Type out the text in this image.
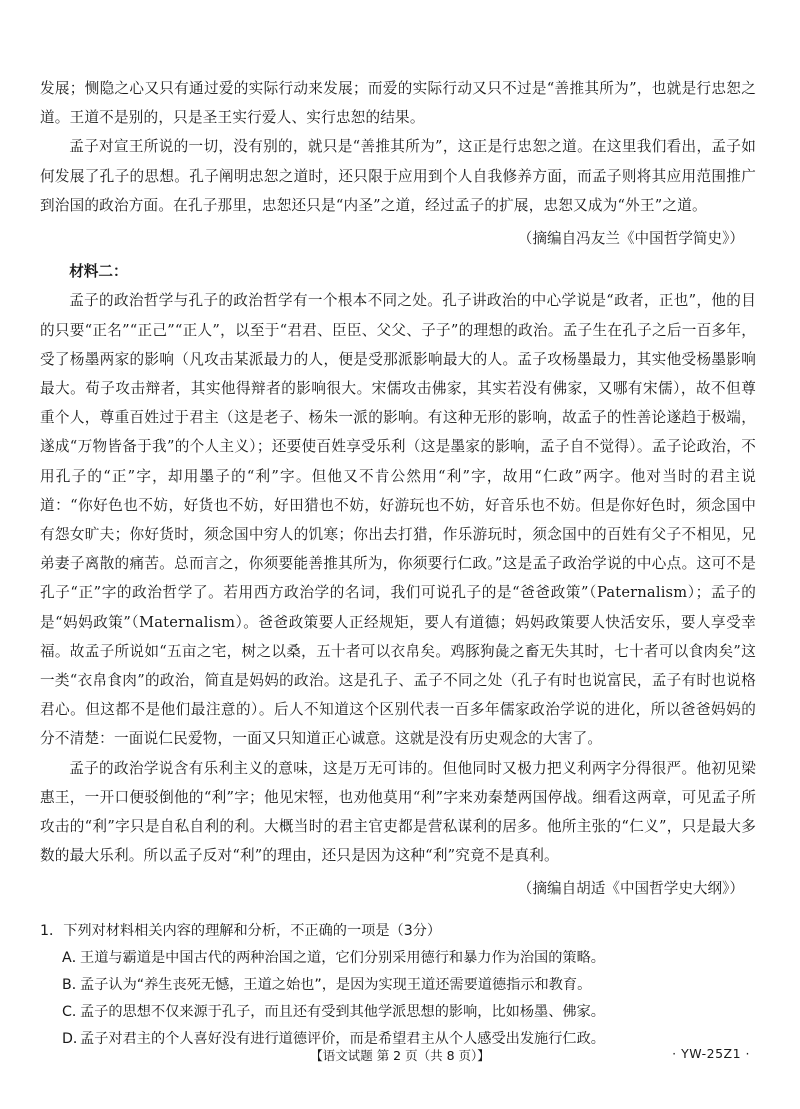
发展；恻隐之心又只有通过爱的实际行动来发展；而爱的实际行动又只不过是“善推其所为”，也就是行忠恕之道。王道不是别的，只是圣王实行爱人、实行忠恕的结果。

孟子对宣王所说的一切，没有别的，就只是“善推其所为”，这正是行忠恕之道。在这里我们看出，孟子如何发展了孔子的思想。孔子阐明忠恕之道时，还只限于应用到个人自我修养方面，而孟子则将其应用范围推广到治国的政治方面。在孔子那里，忠恕还只是“内圣”之道，经过孟子的扩展，忠恕又成为“外王”之道。

（摘编自冯友兰《中国哲学简史》）

材料二：

孟子的政治哲学与孔子的政治哲学有一个根本不同之处。孔子讲政治的中心学说是“政者，正也”，他的目的只要“正名”“正己”“正人”，以至于“君君、臣臣、父父、子子”的理想的政治。孟子生在孔子之后一百多年，受了杨墨两家的影响（凡攻击某派最力的人，便是受那派影响最大的人。孟子攻杨墨最力，其实他受杨墨影响最大。荀子攻击辩者，其实他得辩者的影响很大。宋儒攻击佛家，其实若没有佛家，又哪有宋儒），故不但尊重个人，尊重百姓过于君主（这是老子、杨朱一派的影响。有这种无形的影响，故孟子的性善论遂趋于极端，遂成“万物皆备于我”的个人主义）；还要使百姓享受乐利（这是墨家的影响，孟子自不觉得）。孟子论政治，不用孔子的“正”字，却用墨子的“利”字。但他又不肯公然用“利”字，故用“仁政”两字。他对当时的君主说道：“你好色也不妨，好货也不妨，好田猎也不妨，好游玩也不妨，好音乐也不妨。但是你好色时，须念国中有怨女旷夫；你好货时，须念国中穷人的饥寒；你出去打猎，作乐游玩时，须念国中的百姓有父子不相见，兄弟妻子离散的痛苦。总而言之，你须要能善推其所为，你须要行仁政。”这是孟子政治学说的中心点。这可不是孔子“正”字的政治哲学了。若用西方政治学的名词，我们可说孔子的是“爸爸政策”（Paternalism）；孟子的是“妈妈政策”（Maternalism）。爸爸政策要人正经规矩，要人有道德；妈妈政策要人快活安乐，要人享受幸福。故孟子所说如“五亩之宅，树之以桑，五十者可以衣帛矣。鸡豚狗彘之畜无失其时，七十者可以食肉矣”这一类“衣帛食肉”的政治，简直是妈妈的政治。这是孔子、孟子不同之处（孔子有时也说富民，孟子有时也说格君心。但这都不是他们最注意的）。后人不知道这个区别代表一百多年儒家政治学说的进化，所以爸爸妈妈的分不清楚：一面说仁民爱物，一面又只知道正心诚意。这就是没有历史观念的大害了。

孟子的政治学说含有乐利主义的意味，这是万无可讳的。但他同时又极力把义利两字分得很严。他初见梁惠王，一开口便驳倒他的“利”字；他见宋牼，也劝他莫用“利”字来劝秦楚两国停战。细看这两章，可见孟子所攻击的“利”字只是自私自利的利。大概当时的君主官吏都是营私谋利的居多。他所主张的“仁义”，只是最大多数的最大乐利。所以孟子反对“利”的理由，还只是因为这种“利”究竟不是真利。

（摘编自胡适《中国哲学史大纲》）

1．下列对材料相关内容的理解和分析，不正确的一项是（3分）

A．王道与霸道是中国古代的两种治国之道，它们分别采用德行和暴力作为治国的策略。

B．孟子认为“养生丧死无憾，王道之始也”，是因为实现王道还需要道德指示和教育。

C．孟子的思想不仅来源于孔子，而且还有受到其他学派思想的影响，比如杨墨、佛家。

D．孟子对君主的个人喜好没有进行道德评价，而是希望君主从个人感受出发施行仁政。

【语文试题 第 2 页（共 8 页）】	· YW-25Z1 ·
